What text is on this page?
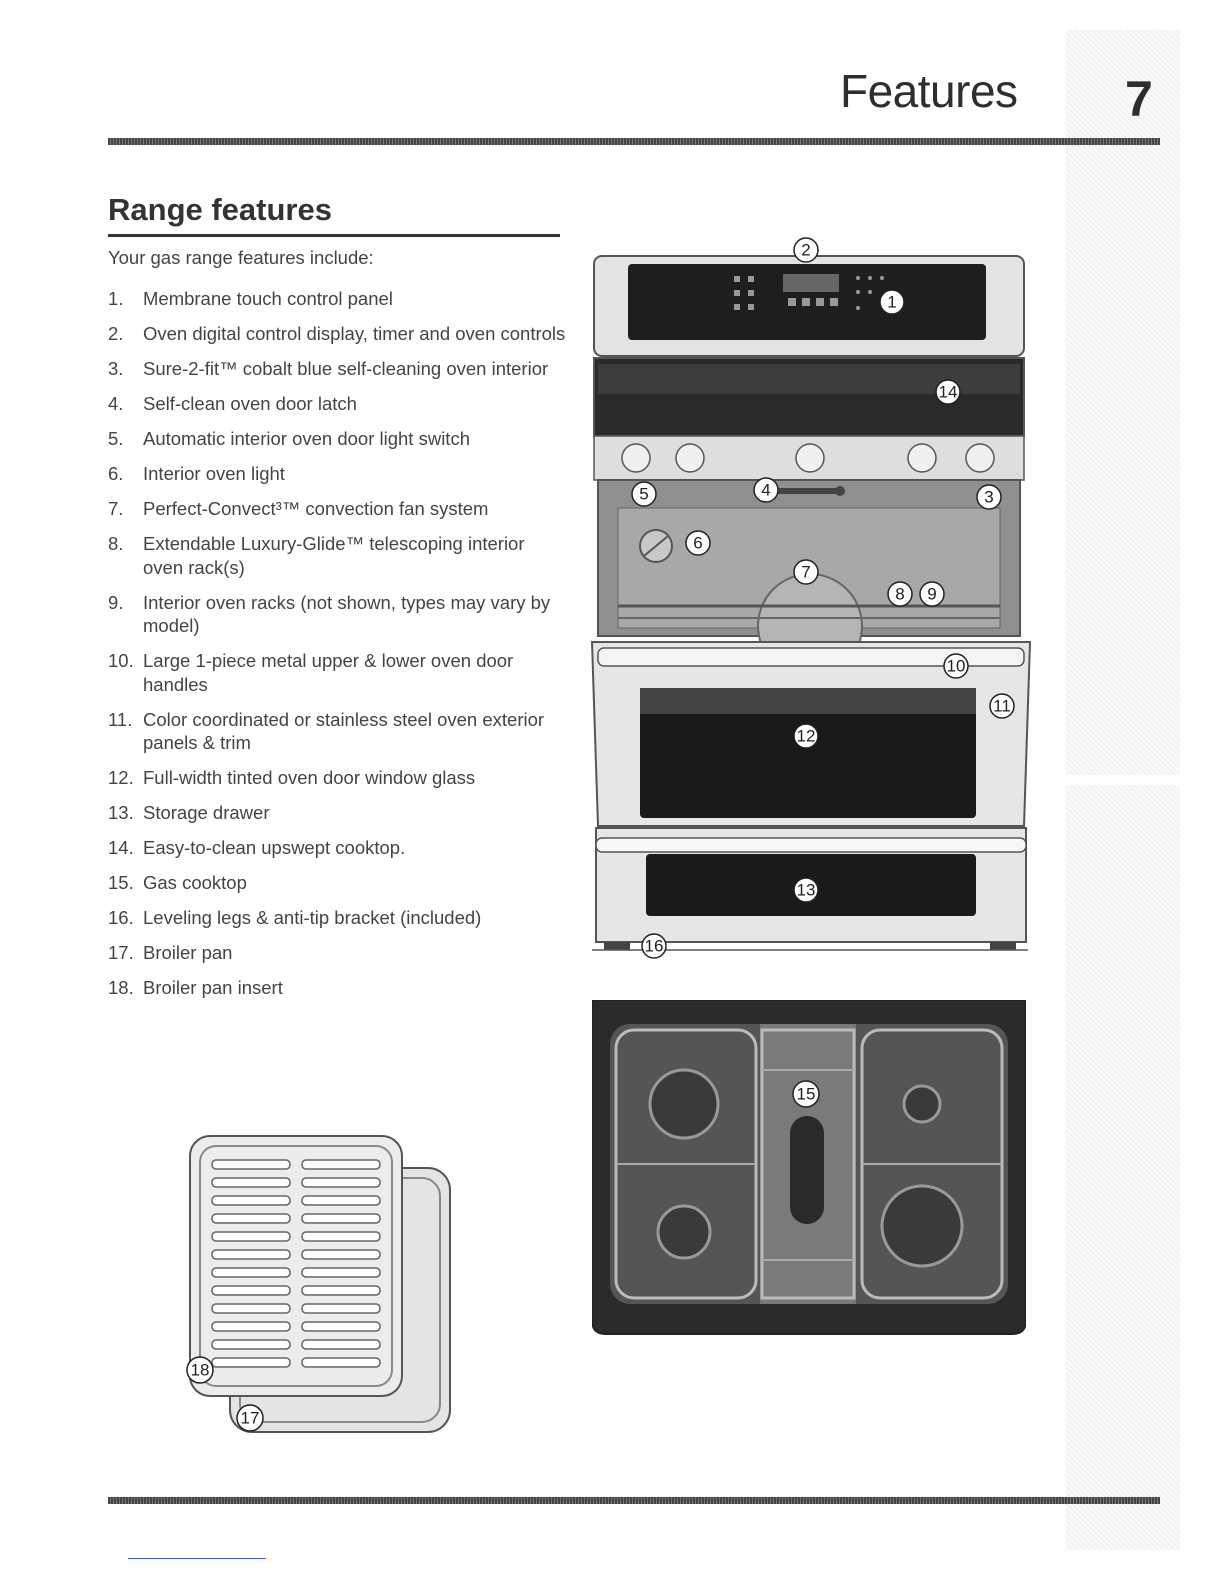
Features 7
Range features
Your gas range features include:
1.	Membrane touch control panel
2.	Oven digital control display, timer and oven controls
3.	Sure-2-fit™ cobalt blue self-cleaning oven interior
4.	Self-clean oven door latch
5.	Automatic interior oven door light switch
6.	Interior oven light
7.	Perfect-Convect³™ convection fan system
8.	Extendable Luxury-Glide™ telescoping interior oven rack(s)
9.	Interior oven racks (not shown, types may vary by model)
10. Large 1-piece metal upper & lower oven door handles
11. Color coordinated or stainless steel oven exterior panels & trim
12. Full-width tinted oven door window glass
13. Storage drawer
14. Easy-to-clean upswept cooktop.
15. Gas cooktop
16. Leveling legs & anti-tip bracket (included)
17. Broiler pan
18. Broiler pan insert
2
1
14
5	4	3
6
7
8 9
10
11
12
13
16
15
18
17
